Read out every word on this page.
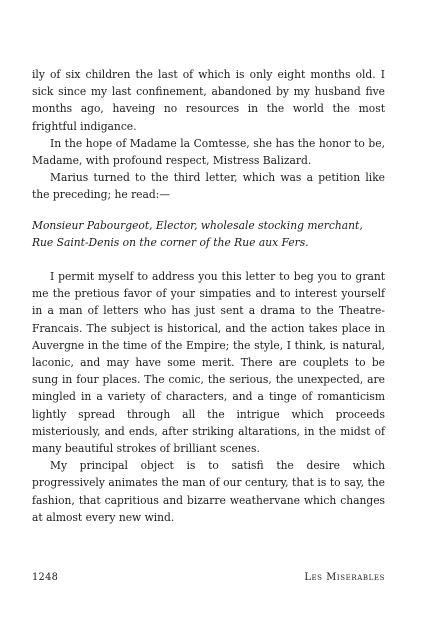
ily of six children the last of which is only eight months old. I sick since my last confinement, abandoned by my husband five months ago, haveing no resources in the world the most frightful indigance.

In the hope of Madame la Comtesse, she has the honor to be, Madame, with profound respect, Mistress Balizard.

Marius turned to the third letter, which was a petition like the preceding; he read:—

Monsieur Pabourgeot, Elector, wholesale stocking merchant,
Rue Saint-Denis on the corner of the Rue aux Fers.

I permit myself to address you this letter to beg you to grant me the pretious favor of your simpaties and to interest yourself in a man of letters who has just sent a drama to the Theatre-Francais. The subject is historical, and the action takes place in Auvergne in the time of the Empire; the style, I think, is natural, laconic, and may have some merit. There are couplets to be sung in four places. The comic, the serious, the unexpected, are mingled in a variety of characters, and a tinge of romanticism lightly spread through all the intrigue which proceeds misteriously, and ends, after striking altarations, in the midst of many beautiful strokes of brilliant scenes.

My principal object is to satisfi the desire which progressively animates the man of our century, that is to say, the fashion, that capritious and bizarre weathervane which changes at almost every new wind.

1248	Les Miserables
